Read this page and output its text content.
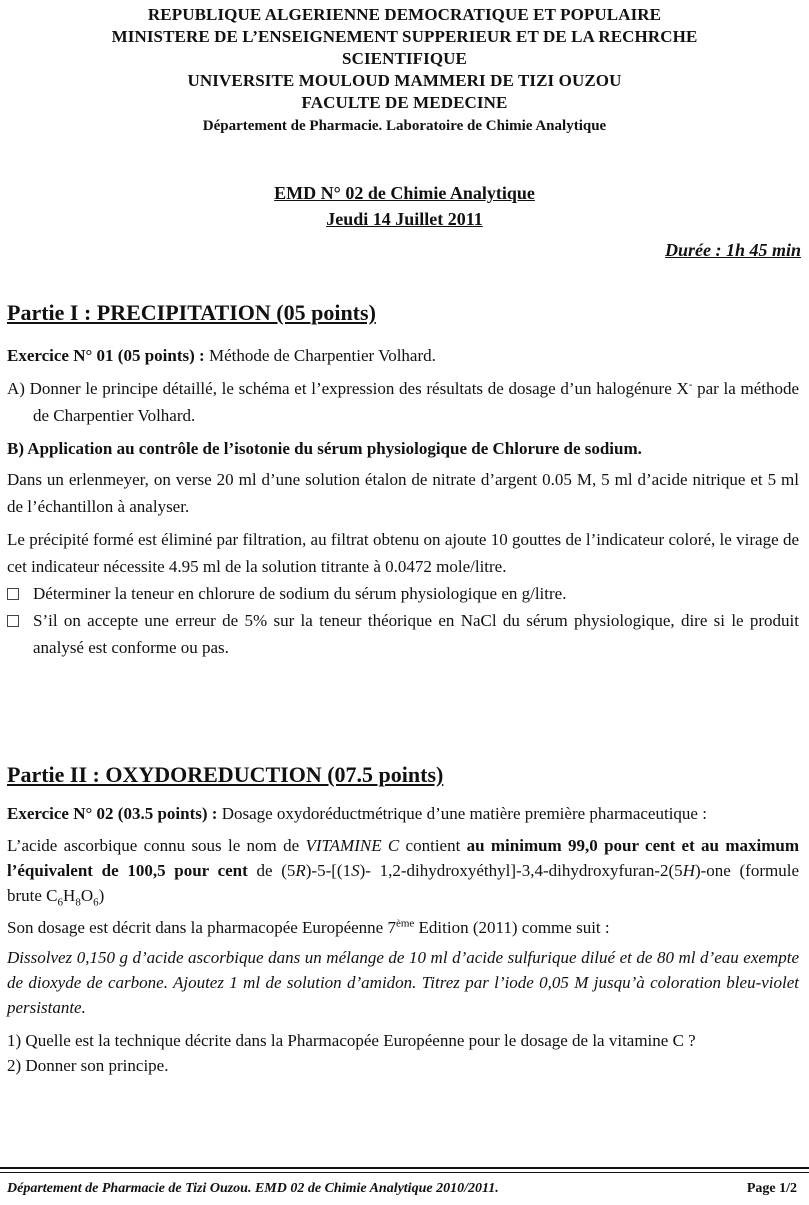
REPUBLIQUE ALGERIENNE DEMOCRATIQUE ET POPULAIRE
MINISTERE DE L’ENSEIGNEMENT SUPPERIEUR ET DE LA RECHRCHE
SCIENTIFIQUE
UNIVERSITE MOULOUD MAMMERI DE TIZI OUZOU
FACULTE DE MEDECINE
Département de Pharmacie. Laboratoire de Chimie Analytique
EMD N° 02 de Chimie Analytique
Jeudi 14 Juillet 2011
Durée : 1h 45 min
Partie I : PRECIPITATION (05 points)

Exercice N° 01 (05 points) : Méthode de Charpentier Volhard.

A) Donner le principe détaillé, le schéma et l’expression des résultats de dosage d’un halogénure X- par la méthode de Charpentier Volhard.

B) Application au contrôle de l’isotonie du sérum physiologique de Chlorure de sodium.

Dans un erlenmeyer, on verse 20 ml d’une solution étalon de nitrate d’argent 0.05 M, 5 ml d’acide nitrique et 5 ml de l’échantillon à analyser.

Le précipité formé est éliminé par filtration, au filtrat obtenu on ajoute 10 gouttes de l’indicateur coloré, le virage de cet indicateur nécessite 4.95 ml de la solution titrante à 0.0472 mole/litre.

Déterminer la teneur en chlorure de sodium du sérum physiologique en g/litre.

S’il on accepte une erreur de 5% sur la teneur théorique en NaCl du sérum physiologique, dire si le produit analysé est conforme ou pas.

Partie II : OXYDOREDUCTION (07.5 points)

Exercice N° 02 (03.5 points) : Dosage oxydoréductmétrique d’une matière première pharmaceutique :

L’acide ascorbique connu sous le nom de VITAMINE C contient au minimum 99,0 pour cent et au maximum l’équivalent de 100,5 pour cent de (5R)-5-[(1S)- 1,2-dihydroxyéthyl]-3,4-dihydroxyfuran-2(5H)-one (formule brute $C_6H_8O_6$)

Son dosage est décrit dans la pharmacopée Européenne 7ème Edition (2011) comme suit :

Dissolvez 0,150 g d’acide ascorbique dans un mélange de 10 ml d’acide sulfurique dilué et de 80 ml d’eau exempte de dioxyde de carbone. Ajoutez 1 ml de solution d’amidon. Titrez par l’iode 0,05 M jusqu’à coloration bleu-violet persistante.

1) Quelle est la technique décrite dans la Pharmacopée Européenne pour le dosage de la vitamine C ?

2) Donner son principe.

Département de Pharmacie de Tizi Ouzou. EMD 02 de Chimie Analytique 2010/2011.	Page 1/2
